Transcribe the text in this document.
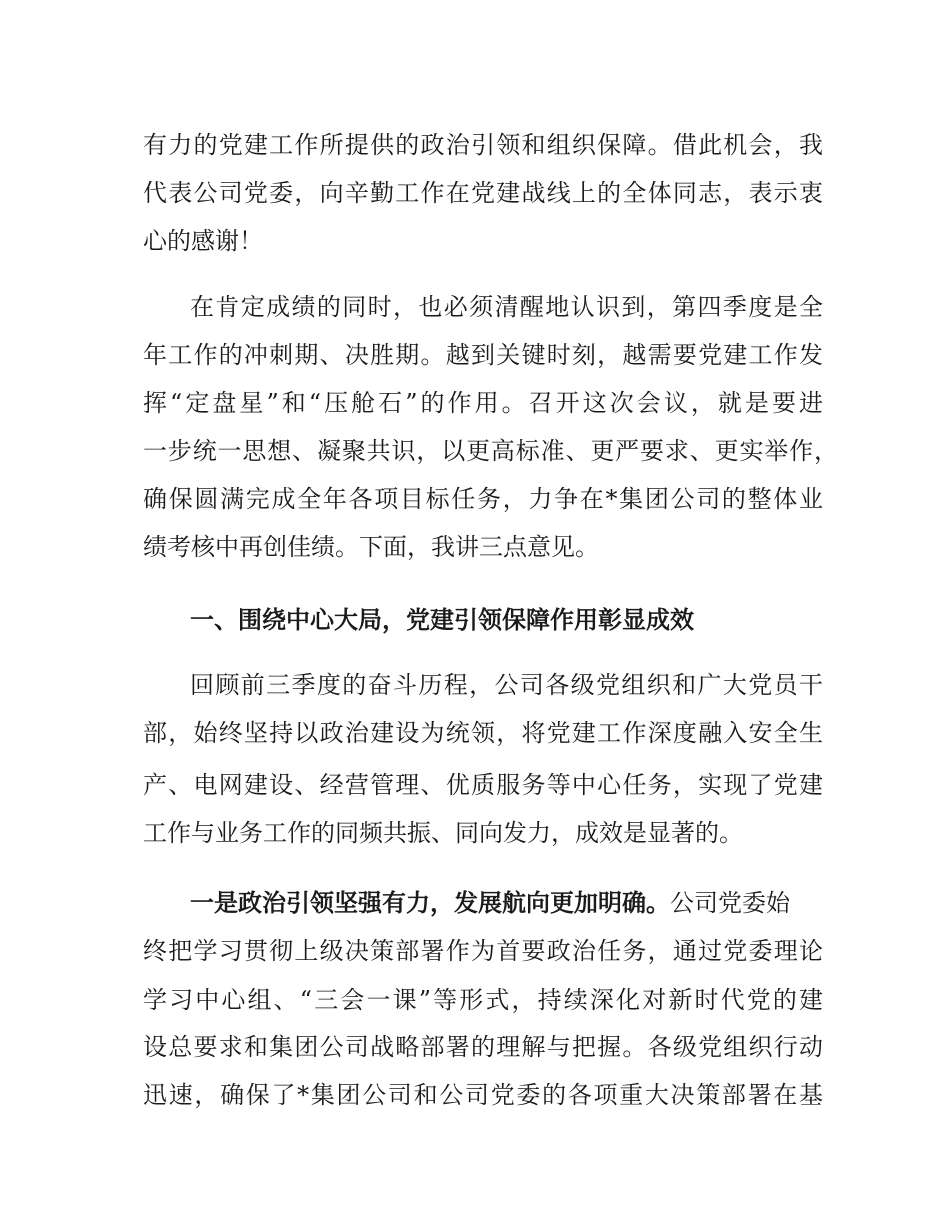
有力的党建工作所提供的政治引领和组织保障。借此机会，我
代表公司党委，向辛勤工作在党建战线上的全体同志，表示衷
心的感谢！
在肯定成绩的同时，也必须清醒地认识到，第四季度是全
年工作的冲刺期、决胜期。越到关键时刻，越需要党建工作发
挥“定盘星”和“压舱石”的作用。召开这次会议，就是要进
一步统一思想、凝聚共识，以更高标准、更严要求、更实举作，
确保圆满完成全年各项目标任务，力争在*集团公司的整体业
绩考核中再创佳绩。下面，我讲三点意见。
一、围绕中心大局，党建引领保障作用彰显成效
回顾前三季度的奋斗历程，公司各级党组织和广大党员干
部，始终坚持以政治建设为统领，将党建工作深度融入安全生
产、电网建设、经营管理、优质服务等中心任务，实现了党建
工作与业务工作的同频共振、同向发力，成效是显著的。
一是政治引领坚强有力，发展航向更加明确。公司党委始
终把学习贯彻上级决策部署作为首要政治任务，通过党委理论
学习中心组、“三会一课”等形式，持续深化对新时代党的建
设总要求和集团公司战略部署的理解与把握。各级党组织行动
迅速，确保了*集团公司和公司党委的各项重大决策部署在基
